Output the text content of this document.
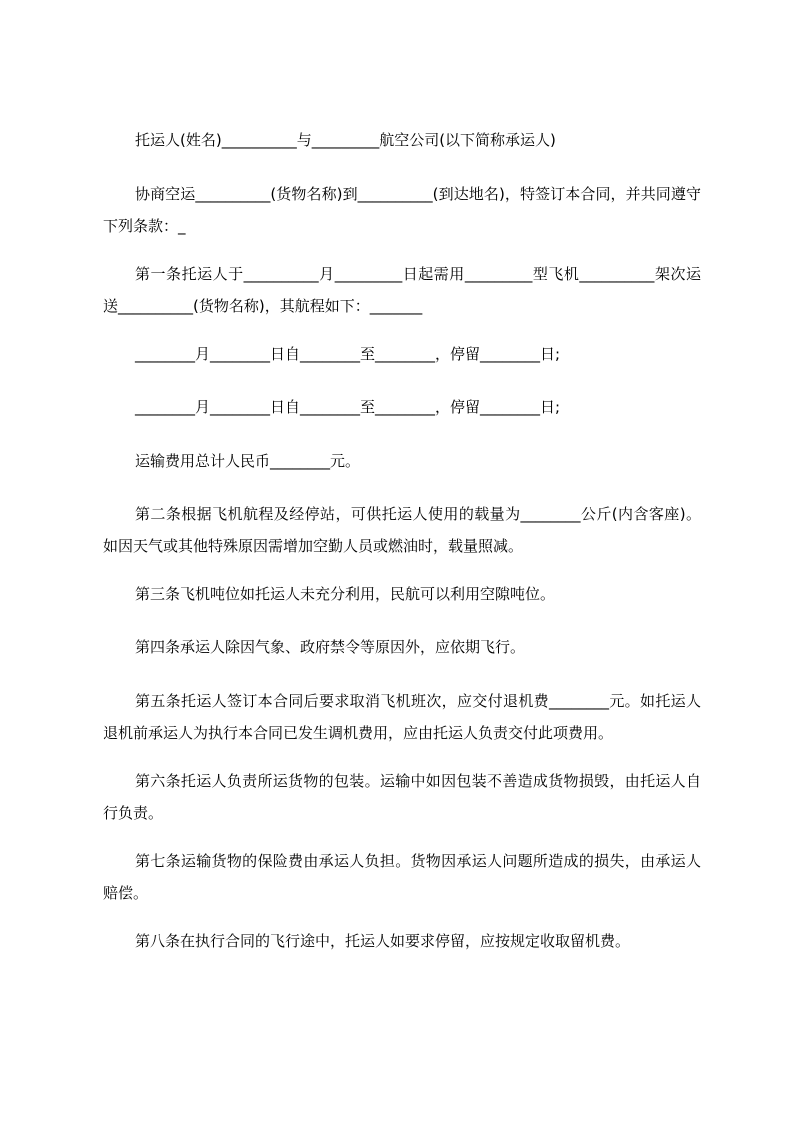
托运人(姓名)__________与_________航空公司(以下简称承运人)

协商空运__________(货物名称)到__________(到达地名)，特签订本合同，并共同遵守下列条款：_

第一条托运人于__________月_________日起需用_________型飞机__________架次运送__________(货物名称)，其航程如下：_______

________月________日自________至________，停留________日;

________月________日自________至________，停留________日;

运输费用总计人民币________元。

第二条根据飞机航程及经停站，可供托运人使用的载量为________公斤(内含客座)。如因天气或其他特殊原因需增加空勤人员或燃油时，载量照减。

第三条飞机吨位如托运人未充分利用，民航可以利用空隙吨位。

第四条承运人除因气象、政府禁令等原因外，应依期飞行。

第五条托运人签订本合同后要求取消飞机班次，应交付退机费________元。如托运人退机前承运人为执行本合同已发生调机费用，应由托运人负责交付此项费用。

第六条托运人负责所运货物的包装。运输中如因包装不善造成货物损毁，由托运人自行负责。

第七条运输货物的保险费由承运人负担。货物因承运人问题所造成的损失，由承运人赔偿。

第八条在执行合同的飞行途中，托运人如要求停留，应按规定收取留机费。
